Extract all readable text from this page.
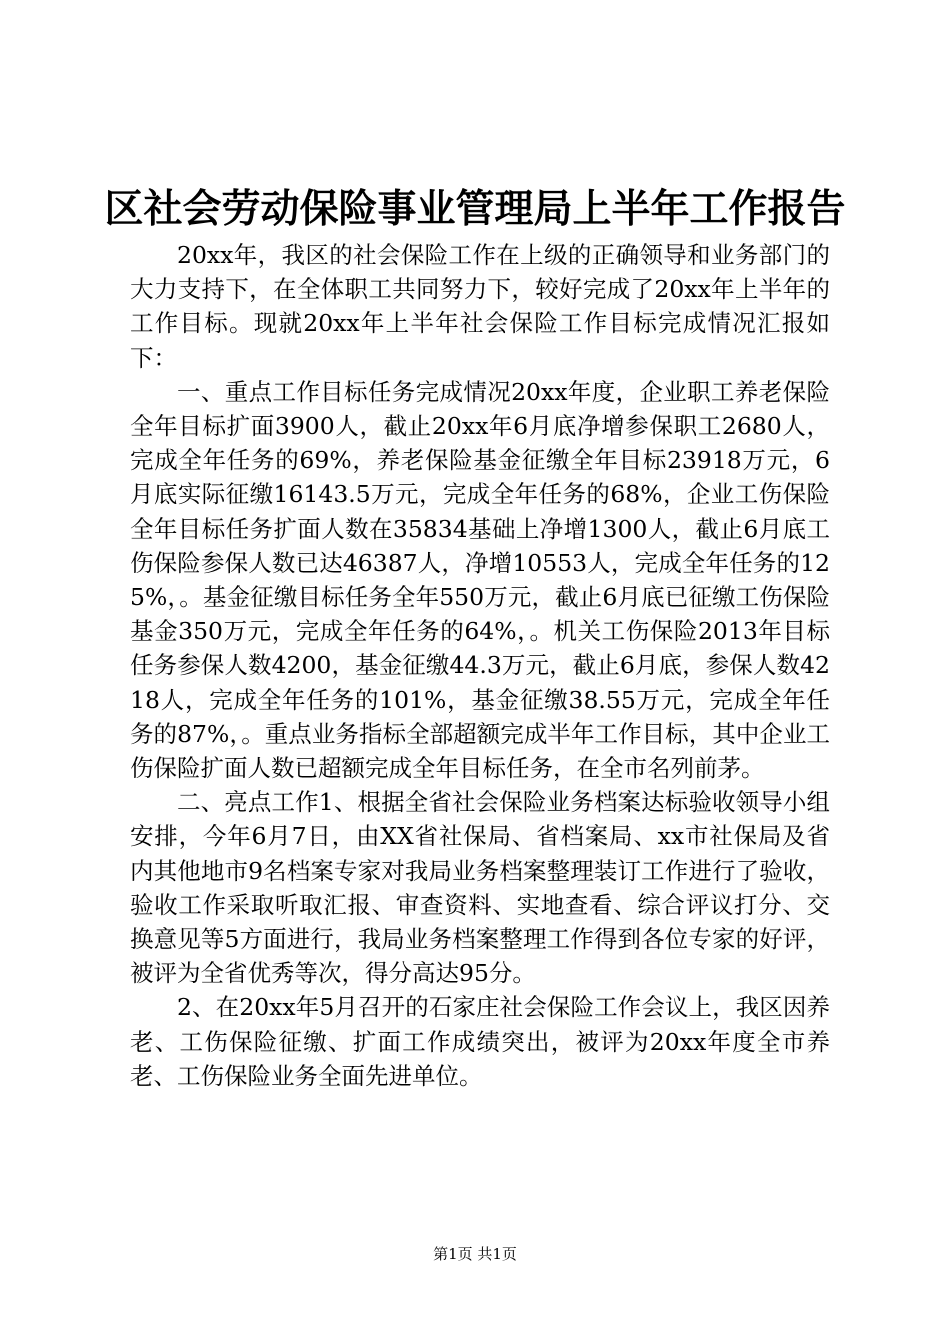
区社会劳动保险事业管理局上半年工作报告

20xx年，我区的社会保险工作在上级的正确领导和业务部门的大力支持下，在全体职工共同努力下，较好完成了20xx年上半年的工作目标。现就20xx年上半年社会保险工作目标完成情况汇报如下：

一、重点工作目标任务完成情况20xx年度，企业职工养老保险全年目标扩面3900人，截止20xx年6月底净增参保职工2680人，完成全年任务的69%，养老保险基金征缴全年目标23918万元，6月底实际征缴16143.5万元，完成全年任务的68%，企业工伤保险全年目标任务扩面人数在35834基础上净增1300人，截止6月底工伤保险参保人数已达46387人，净增10553人，完成全年任务的125%，。基金征缴目标任务全年550万元，截止6月底已征缴工伤保险基金350万元，完成全年任务的64%，。机关工伤保险2013年目标任务参保人数4200，基金征缴44.3万元，截止6月底，参保人数4218人，完成全年任务的101%，基金征缴38.55万元，完成全年任务的87%，。重点业务指标全部超额完成半年工作目标，其中企业工伤保险扩面人数已超额完成全年目标任务，在全市名列前茅。

二、亮点工作1、根据全省社会保险业务档案达标验收领导小组安排，今年6月7日，由XX省社保局、省档案局、xx市社保局及省内其他地市9名档案专家对我局业务档案整理装订工作进行了验收，验收工作采取听取汇报、审查资料、实地查看、综合评议打分、交换意见等5方面进行，我局业务档案整理工作得到各位专家的好评，被评为全省优秀等次，得分高达95分。

2、在20xx年5月召开的石家庄社会保险工作会议上，我区因养老、工伤保险征缴、扩面工作成绩突出，被评为20xx年度全市养老、工伤保险业务全面先进单位。

第1页 共1页
